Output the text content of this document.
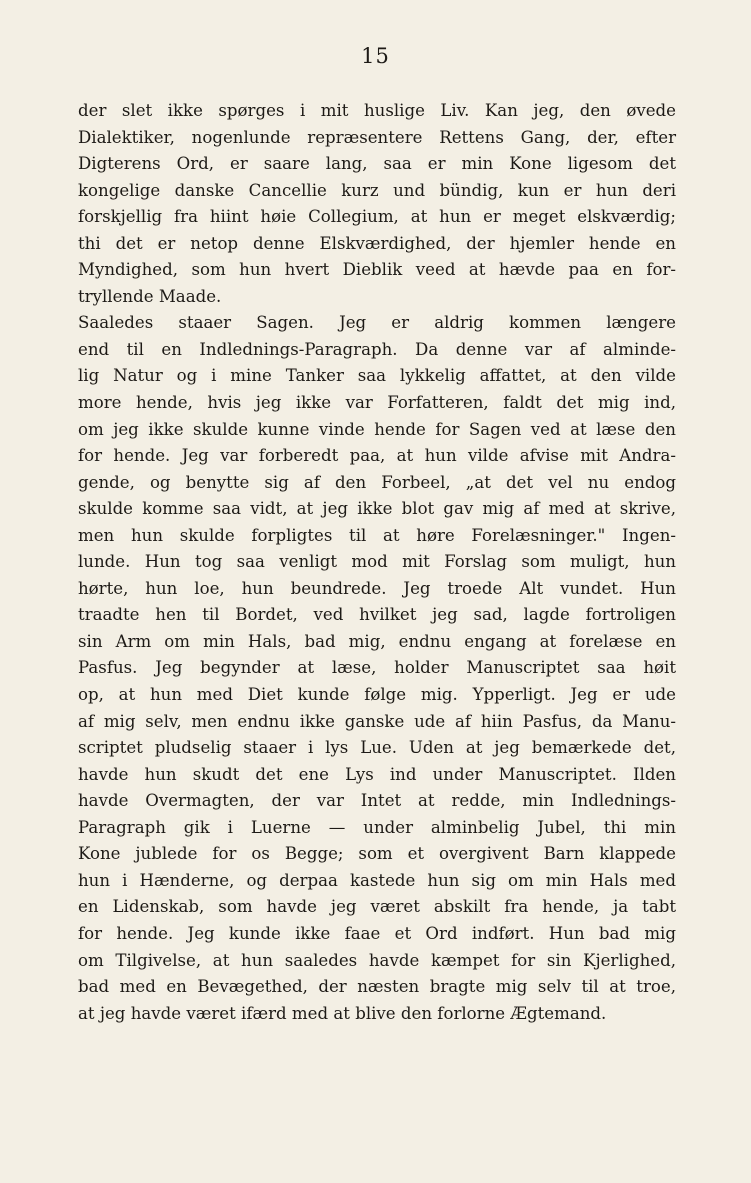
15
der slet ikke spørges i mit huslige Liv. Kan jeg, den øvede
Dialektiker, nogenlunde repræsentere Rettens Gang, der, efter
Digterens Ord, er saare lang, saa er min Kone ligesom det
kongelige danske Cancellie kurz und bündig, kun er hun deri
forskjellig fra hiint høie Collegium, at hun er meget elskværdig;
thi det er netop denne Elskværdighed, der hjemler hende en
Myndighed, som hun hvert Dieblik veed at hævde paa en for-
tryllende Maade.
Saaledes staaer Sagen. Jeg er aldrig kommen længere
end til en Indlednings-Paragraph. Da denne var af alminde-
lig Natur og i mine Tanker saa lykkelig affattet, at den vilde
more hende, hvis jeg ikke var Forfatteren, faldt det mig ind,
om jeg ikke skulde kunne vinde hende for Sagen ved at læse den
for hende. Jeg var forberedt paa, at hun vilde afvise mit Andra-
gende, og benytte sig af den Forbeel, „at det vel nu endog
skulde komme saa vidt, at jeg ikke blot gav mig af med at skrive,
men hun skulde forpligtes til at høre Forelæsninger." Ingen-
lunde. Hun tog saa venligt mod mit Forslag som muligt, hun
hørte, hun loe, hun beundrede. Jeg troede Alt vundet. Hun
traadte hen til Bordet, ved hvilket jeg sad, lagde fortroligen
sin Arm om min Hals, bad mig, endnu engang at forelæse en
Pasfus. Jeg begynder at læse, holder Manuscriptet saa høit
op, at hun med Diet kunde følge mig. Ypperligt. Jeg er ude
af mig selv, men endnu ikke ganske ude af hiin Pasfus, da Manu-
scriptet pludselig staaer i lys Lue. Uden at jeg bemærkede det,
havde hun skudt det ene Lys ind under Manuscriptet. Ilden
havde Overmagten, der var Intet at redde, min Indlednings-
Paragraph gik i Luerne — under alminbelig Jubel, thi min
Kone jublede for os Begge; som et overgivent Barn klappede
hun i Hænderne, og derpaa kastede hun sig om min Hals med
en Lidenskab, som havde jeg været abskilt fra hende, ja tabt
for hende. Jeg kunde ikke faae et Ord indført. Hun bad mig
om Tilgivelse, at hun saaledes havde kæmpet for sin Kjerlighed,
bad med en Bevægethed, der næsten bragte mig selv til at troe,
at jeg havde været ifærd med at blive den forlorne Ægtemand.
